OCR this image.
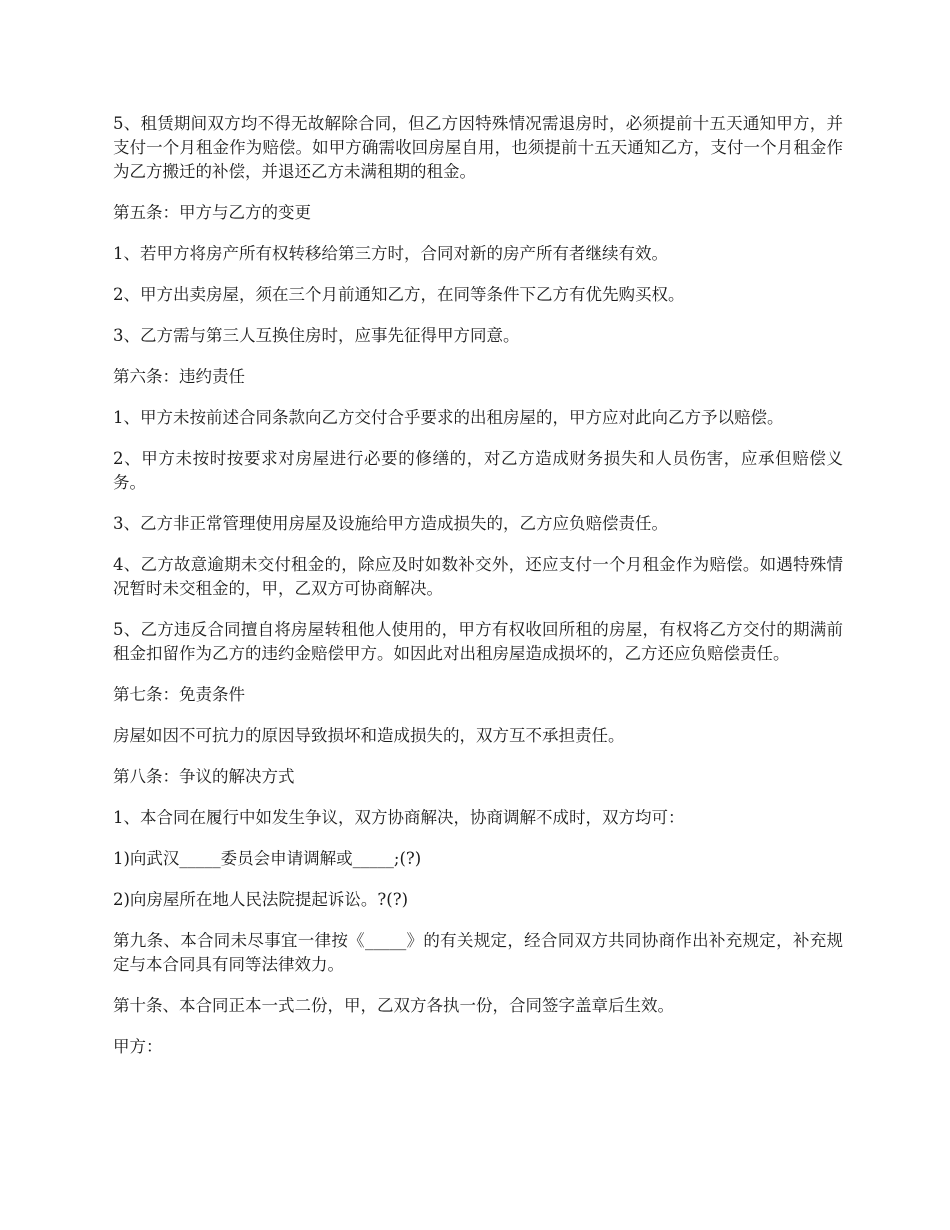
5、租赁期间双方均不得无故解除合同，但乙方因特殊情况需退房时，必须提前十五天通知甲方，并支付一个月租金作为赔偿。如甲方确需收回房屋自用，也须提前十五天通知乙方，支付一个月租金作为乙方搬迁的补偿，并退还乙方未满租期的租金。

第五条：甲方与乙方的变更

1、若甲方将房产所有权转移给第三方时，合同对新的房产所有者继续有效。

2、甲方出卖房屋，须在三个月前通知乙方，在同等条件下乙方有优先购买权。

3、乙方需与第三人互换住房时，应事先征得甲方同意。

第六条：违约责任

1、甲方未按前述合同条款向乙方交付合乎要求的出租房屋的，甲方应对此向乙方予以赔偿。

2、甲方未按时按要求对房屋进行必要的修缮的，对乙方造成财务损失和人员伤害，应承但赔偿义务。

3、乙方非正常管理使用房屋及设施给甲方造成损失的，乙方应负赔偿责任。

4、乙方故意逾期未交付租金的，除应及时如数补交外，还应支付一个月租金作为赔偿。如遇特殊情况暂时未交租金的，甲，乙双方可协商解决。

5、乙方违反合同擅自将房屋转租他人使用的，甲方有权收回所租的房屋，有权将乙方交付的期满前租金扣留作为乙方的违约金赔偿甲方。如因此对出租房屋造成损坏的，乙方还应负赔偿责任。

第七条：免责条件

房屋如因不可抗力的原因导致损坏和造成损失的，双方互不承担责任。

第八条：争议的解决方式

1、本合同在履行中如发生争议，双方协商解决，协商调解不成时，双方均可：

1)向武汉_____委员会申请调解或_____;(?)

2)向房屋所在地人民法院提起诉讼。?(?)

第九条、本合同未尽事宜一律按《_____》的有关规定，经合同双方共同协商作出补充规定，补充规定与本合同具有同等法律效力。

第十条、本合同正本一式二份，甲，乙双方各执一份，合同签字盖章后生效。

甲方：
